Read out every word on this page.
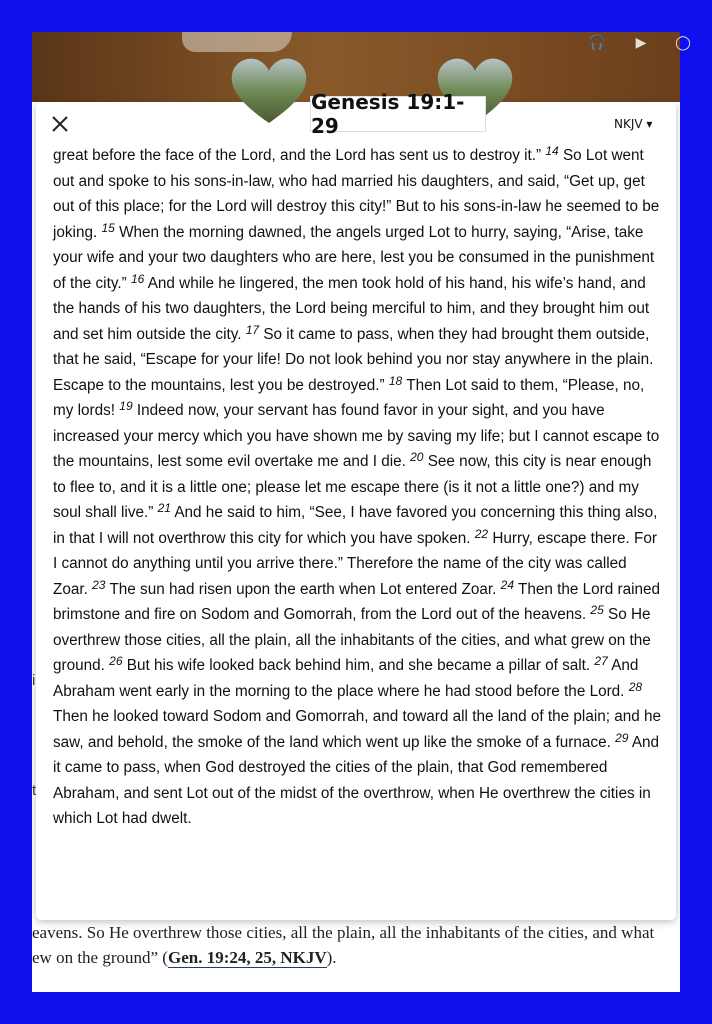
🎧	▶	◯
i
t
eavens. So He overthrew those cities, all the plain, all the inhabitants of the cities, and what
ew on the ground” (Gen. 19:24, 25, NKJV).
Genesis 19:1-29	NKJV ▾
great before the face of the Lord, and the Lord has sent us to destroy it.” $^{14}$ So Lot went out and spoke to his sons-in-law, who had married his daughters, and said, “Get up, get out of this place; for the Lord will destroy this city!” But to his sons-in-law he seemed to be joking. $^{15}$ When the morning dawned, the angels urged Lot to hurry, saying, “Arise, take your wife and your two daughters who are here, lest you be consumed in the punishment of the city.” $^{16}$ And while he lingered, the men took hold of his hand, his wife’s hand, and the hands of his two daughters, the Lord being merciful to him, and they brought him out and set him outside the city. $^{17}$ So it came to pass, when they had brought them outside, that he said, “Escape for your life! Do not look behind you nor stay anywhere in the plain. Escape to the mountains, lest you be destroyed.” $^{18}$ Then Lot said to them, “Please, no, my lords! $^{19}$ Indeed now, your servant has found favor in your sight, and you have increased your mercy which you have shown me by saving my life; but I cannot escape to the mountains, lest some evil overtake me and I die. $^{20}$ See now, this city is near enough to flee to, and it is a little one; please let me escape there (is it not a little one?) and my soul shall live.” $^{21}$ And he said to him, “See, I have favored you concerning this thing also, in that I will not overthrow this city for which you have spoken. $^{22}$ Hurry, escape there. For I cannot do anything until you arrive there.” Therefore the name of the city was called Zoar. $^{23}$ The sun had risen upon the earth when Lot entered Zoar. $^{24}$ Then the Lord rained brimstone and fire on Sodom and Gomorrah, from the Lord out of the heavens. $^{25}$ So He overthrew those cities, all the plain, all the inhabitants of the cities, and what grew on the ground. $^{26}$ But his wife looked back behind him, and she became a pillar of salt. $^{27}$ And Abraham went early in the morning to the place where he had stood before the Lord. $^{28}$ Then he looked toward Sodom and Gomorrah, and toward all the land of the plain; and he saw, and behold, the smoke of the land which went up like the smoke of a furnace. $^{29}$ And it came to pass, when God destroyed the cities of the plain, that God remembered Abraham, and sent Lot out of the midst of the overthrow, when He overthrew the cities in which Lot had dwelt.
